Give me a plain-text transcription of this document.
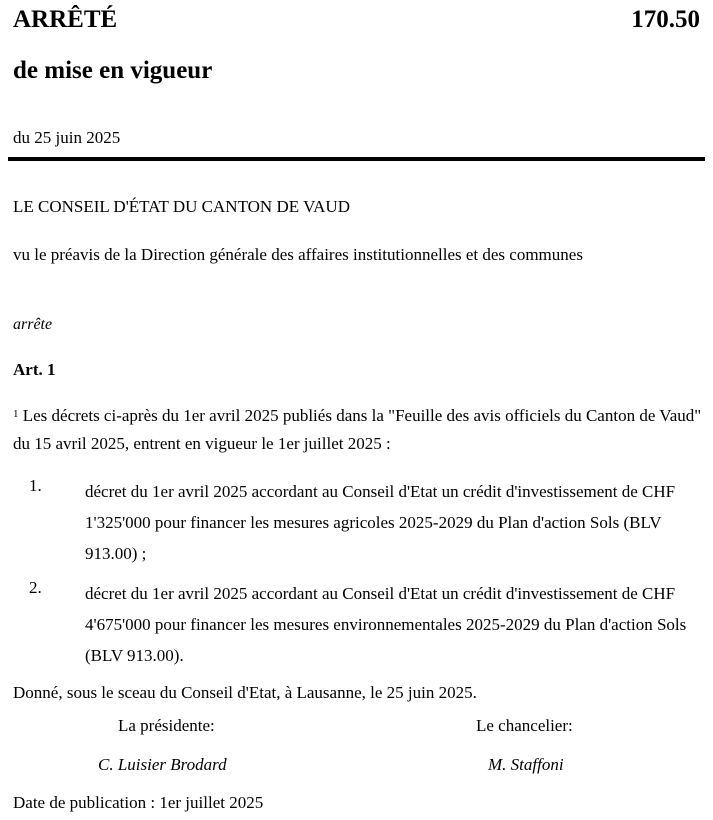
ARRÊTÉ	170.50
de mise en vigueur
du 25 juin 2025
LE CONSEIL D'ÉTAT DU CANTON DE VAUD
vu le préavis de la Direction générale des affaires institutionnelles et des communes
arrête
Art. 1
$^1$ Les décrets ci-après du 1er avril 2025 publiés dans la "Feuille des avis officiels du Canton de Vaud" du 15 avril 2025, entrent en vigueur le 1er juillet 2025 :
1.	décret du 1er avril 2025 accordant au Conseil d'Etat un crédit d'investissement de CHF 1'325'000 pour financer les mesures agricoles 2025-2029 du Plan d'action Sols (BLV 913.00) ;
2.	décret du 1er avril 2025 accordant au Conseil d'Etat un crédit d'investissement de CHF 4'675'000 pour financer les mesures environnementales 2025-2029 du Plan d'action Sols (BLV 913.00).
Donné, sous le sceau du Conseil d'Etat, à Lausanne, le 25 juin 2025.
La présidente:	Le chancelier:
C. Luisier Brodard	M. Staffoni
Date de publication : 1er juillet 2025
